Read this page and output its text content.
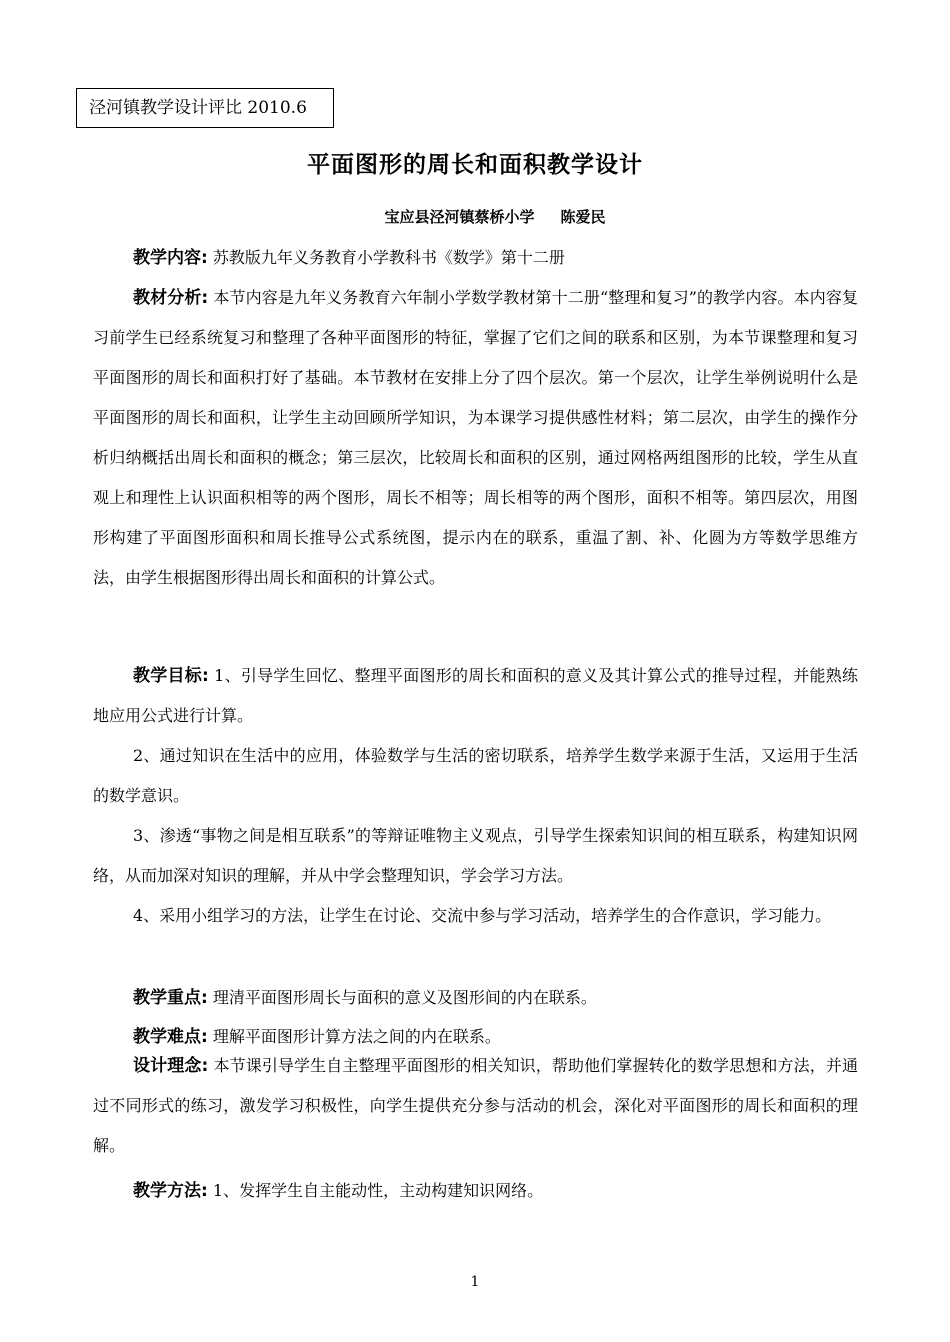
泾河镇教学设计评比 2010.6
平面图形的周长和面积教学设计
宝应县泾河镇蔡桥小学 陈爱民
教学内容: 苏教版九年义务教育小学教科书《数学》第十二册
教材分析: 本节内容是九年义务教育六年制小学数学教材第十二册“整理和复习”的教学内容。本内容复习前学生已经系统复习和整理了各种平面图形的特征，掌握了它们之间的联系和区别，为本节课整理和复习平面图形的周长和面积打好了基础。本节教材在安排上分了四个层次。第一个层次，让学生举例说明什么是平面图形的周长和面积，让学生主动回顾所学知识，为本课学习提供感性材料；第二层次，由学生的操作分析归纳概括出周长和面积的概念；第三层次，比较周长和面积的区别，通过网格两组图形的比较，学生从直观上和理性上认识面积相等的两个图形，周长不相等；周长相等的两个图形，面积不相等。第四层次，用图形构建了平面图形面积和周长推导公式系统图，提示内在的联系，重温了割、补、化圆为方等数学思维方法，由学生根据图形得出周长和面积的计算公式。
教学目标: 1、引导学生回忆、整理平面图形的周长和面积的意义及其计算公式的推导过程，并能熟练地应用公式进行计算。
2、通过知识在生活中的应用，体验数学与生活的密切联系，培养学生数学来源于生活，又运用于生活的数学意识。
3、渗透“事物之间是相互联系”的等辩证唯物主义观点，引导学生探索知识间的相互联系，构建知识网络，从而加深对知识的理解，并从中学会整理知识，学会学习方法。
4、采用小组学习的方法，让学生在讨论、交流中参与学习活动，培养学生的合作意识，学习能力。
教学重点: 理清平面图形周长与面积的意义及图形间的内在联系。
教学难点: 理解平面图形计算方法之间的内在联系。
设计理念: 本节课引导学生自主整理平面图形的相关知识，帮助他们掌握转化的数学思想和方法，并通过不同形式的练习，激发学习积极性，向学生提供充分参与活动的机会，深化对平面图形的周长和面积的理解。
教学方法: 1、发挥学生自主能动性，主动构建知识网络。
1
